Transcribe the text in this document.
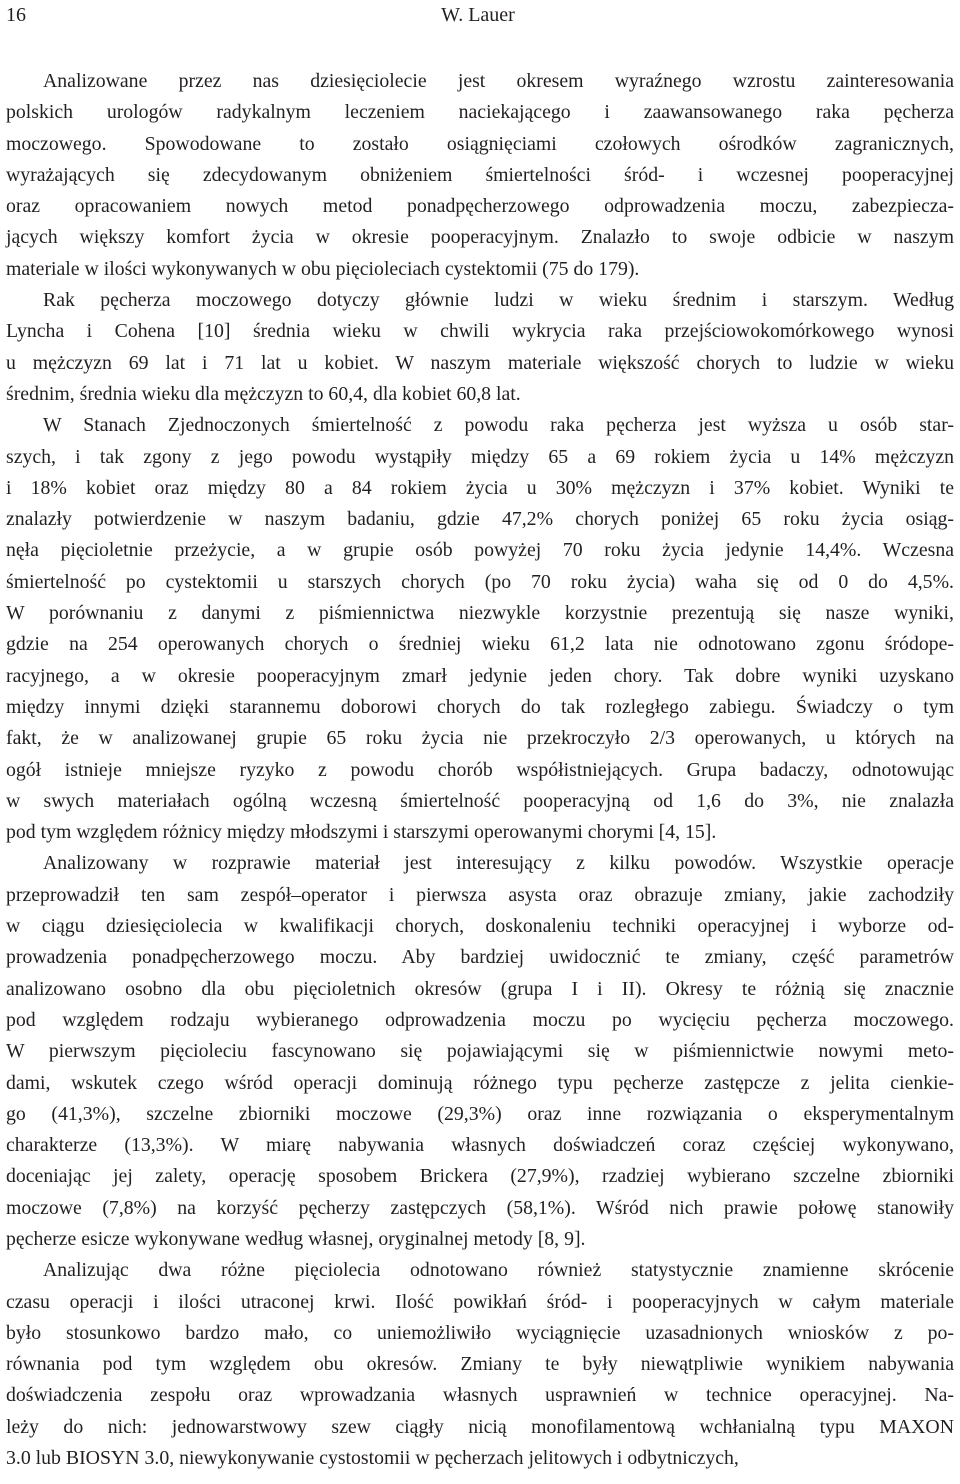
16	W. Lauer

Analizowane przez nas dziesięciolecie jest okresem wyraźnego wzrostu zainteresowania
polskich urologów radykalnym leczeniem naciekającego i zaawansowanego raka pęcherza
moczowego. Spowodowane to zostało osiągnięciami czołowych ośrodków zagranicznych,
wyrażających się zdecydowanym obniżeniem śmiertelności śród- i wczesnej pooperacyjnej
oraz opracowaniem nowych metod ponadpęcherzowego odprowadzenia moczu, zabezpiecza-
jących większy komfort życia w okresie pooperacyjnym. Znalazło to swoje odbicie w naszym
materiale w ilości wykonywanych w obu pięcioleciach cystektomii (75 do 179).

Rak pęcherza moczowego dotyczy głównie ludzi w wieku średnim i starszym. Według
Lyncha i Cohena [10] średnia wieku w chwili wykrycia raka przejściowokomórkowego wynosi
u mężczyzn 69 lat i 71 lat u kobiet. W naszym materiale większość chorych to ludzie w wieku
średnim, średnia wieku dla mężczyzn to 60,4, dla kobiet 60,8 lat.

W Stanach Zjednoczonych śmiertelność z powodu raka pęcherza jest wyższa u osób star-
szych, i tak zgony z jego powodu wystąpiły między 65 a 69 rokiem życia u 14% mężczyzn
i 18% kobiet oraz między 80 a 84 rokiem życia u 30% mężczyzn i 37% kobiet. Wyniki te
znalazły potwierdzenie w naszym badaniu, gdzie 47,2% chorych poniżej 65 roku życia osiąg-
nęła pięcioletnie przeżycie, a w grupie osób powyżej 70 roku życia jedynie 14,4%. Wczesna
śmiertelność po cystektomii u starszych chorych (po 70 roku życia) waha się od 0 do 4,5%.
W porównaniu z danymi z piśmiennictwa niezwykle korzystnie prezentują się nasze wyniki,
gdzie na 254 operowanych chorych o średniej wieku 61,2 lata nie odnotowano zgonu śródope-
racyjnego, a w okresie pooperacyjnym zmarł jedynie jeden chory. Tak dobre wyniki uzyskano
między innymi dzięki starannemu doborowi chorych do tak rozległego zabiegu. Świadczy o tym
fakt, że w analizowanej grupie 65 roku życia nie przekroczyło 2/3 operowanych, u których na
ogół istnieje mniejsze ryzyko z powodu chorób współistniejących. Grupa badaczy, odnotowując
w swych materiałach ogólną wczesną śmiertelność pooperacyjną od 1,6 do 3%, nie znalazła
pod tym względem różnicy między młodszymi i starszymi operowanymi chorymi [4, 15].

Analizowany w rozprawie materiał jest interesujący z kilku powodów. Wszystkie operacje
przeprowadził ten sam zespół–operator i pierwsza asysta oraz obrazuje zmiany, jakie zachodziły
w ciągu dziesięciolecia w kwalifikacji chorych, doskonaleniu techniki operacyjnej i wyborze od-
prowadzenia ponadpęcherzowego moczu. Aby bardziej uwidocznić te zmiany, część parametrów
analizowano osobno dla obu pięcioletnich okresów (grupa I i II). Okresy te różnią się znacznie
pod względem rodzaju wybieranego odprowadzenia moczu po wycięciu pęcherza moczowego.
W pierwszym pięcioleciu fascynowano się pojawiającymi się w piśmiennictwie nowymi meto-
dami, wskutek czego wśród operacji dominują różnego typu pęcherze zastępcze z jelita cienkie-
go (41,3%), szczelne zbiorniki moczowe (29,3%) oraz inne rozwiązania o eksperymentalnym
charakterze (13,3%). W miarę nabywania własnych doświadczeń coraz częściej wykonywano,
doceniając jej zalety, operację sposobem Brickera (27,9%), rzadziej wybierano szczelne zbiorniki
moczowe (7,8%) na korzyść pęcherzy zastępczych (58,1%). Wśród nich prawie połowę stanowiły
pęcherze esicze wykonywane według własnej, oryginalnej metody [8, 9].

Analizując dwa różne pięciolecia odnotowano również statystycznie znamienne skrócenie
czasu operacji i ilości utraconej krwi. Ilość powikłań śród- i pooperacyjnych w całym materiale
było stosunkowo bardzo mało, co uniemożliwiło wyciągnięcie uzasadnionych wniosków z po-
równania pod tym względem obu okresów. Zmiany te były niewątpliwie wynikiem nabywania
doświadczenia zespołu oraz wprowadzania własnych usprawnień w technice operacyjnej. Na-
leży do nich: jednowarstwowy szew ciągły nicią monofilamentową wchłanialną typu MAXON
3.0 lub BIOSYN 3.0, niewykonywanie cystostomii w pęcherzach jelitowych i odbytniczych,
